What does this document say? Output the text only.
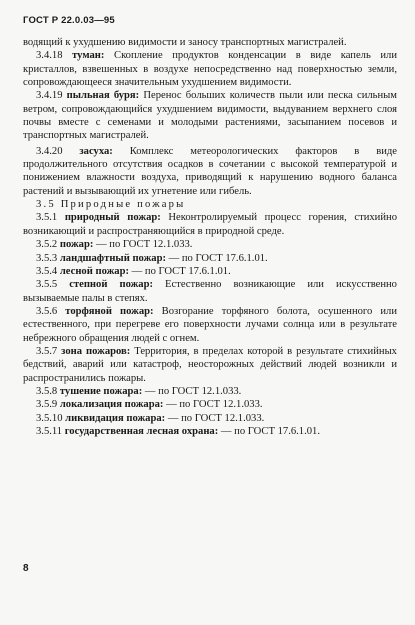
ГОСТ Р 22.0.03—95

водящий к ухудшению видимости и заносу транспортных магистралей.

3.4.18 туман: Скопление продуктов конденсации в виде капель или кристаллов, взвешенных в воздухе непосредственно над поверхностью земли, сопровождающееся значительным ухудшением видимости.

3.4.19 пыльная буря: Перенос больших количеств пыли или песка сильным ветром, сопровождающийся ухудшением видимости, выдуванием верхнего слоя почвы вместе с семенами и молодыми растениями, засыпанием посевов и транспортных магистралей.

3.4.20 засуха: Комплекс метеорологических факторов в виде продолжительного отсутствия осадков в сочетании с высокой температурой и понижением влажности воздуха, приводящий к нарушению водного баланса растений и вызывающий их угнетение или гибель.

3.5 Природные пожары

3.5.1 природный пожар: Неконтролируемый процесс горения, стихийно возникающий и распространяющийся в природной среде.

3.5.2 пожар: — по ГОСТ 12.1.033.

3.5.3 ландшафтный пожар: — по ГОСТ 17.6.1.01.

3.5.4 лесной пожар: — по ГОСТ 17.6.1.01.

3.5.5 степной пожар: Естественно возникающие или искусственно вызываемые палы в степях.

3.5.6 торфяной пожар: Возгорание торфяного болота, осушенного или естественного, при перегреве его поверхности лучами солнца или в результате небрежного обращения людей с огнем.

3.5.7 зона пожаров: Территория, в пределах которой в результате стихийных бедствий, аварий или катастроф, неосторожных действий людей возникли и распространились пожары.

3.5.8 тушение пожара: — по ГОСТ 12.1.033.

3.5.9 локализация пожара: — по ГОСТ 12.1.033.

3.5.10 ликвидация пожара: — по ГОСТ 12.1.033.

3.5.11 государственная лесная охрана: — по ГОСТ 17.6.1.01.

8
